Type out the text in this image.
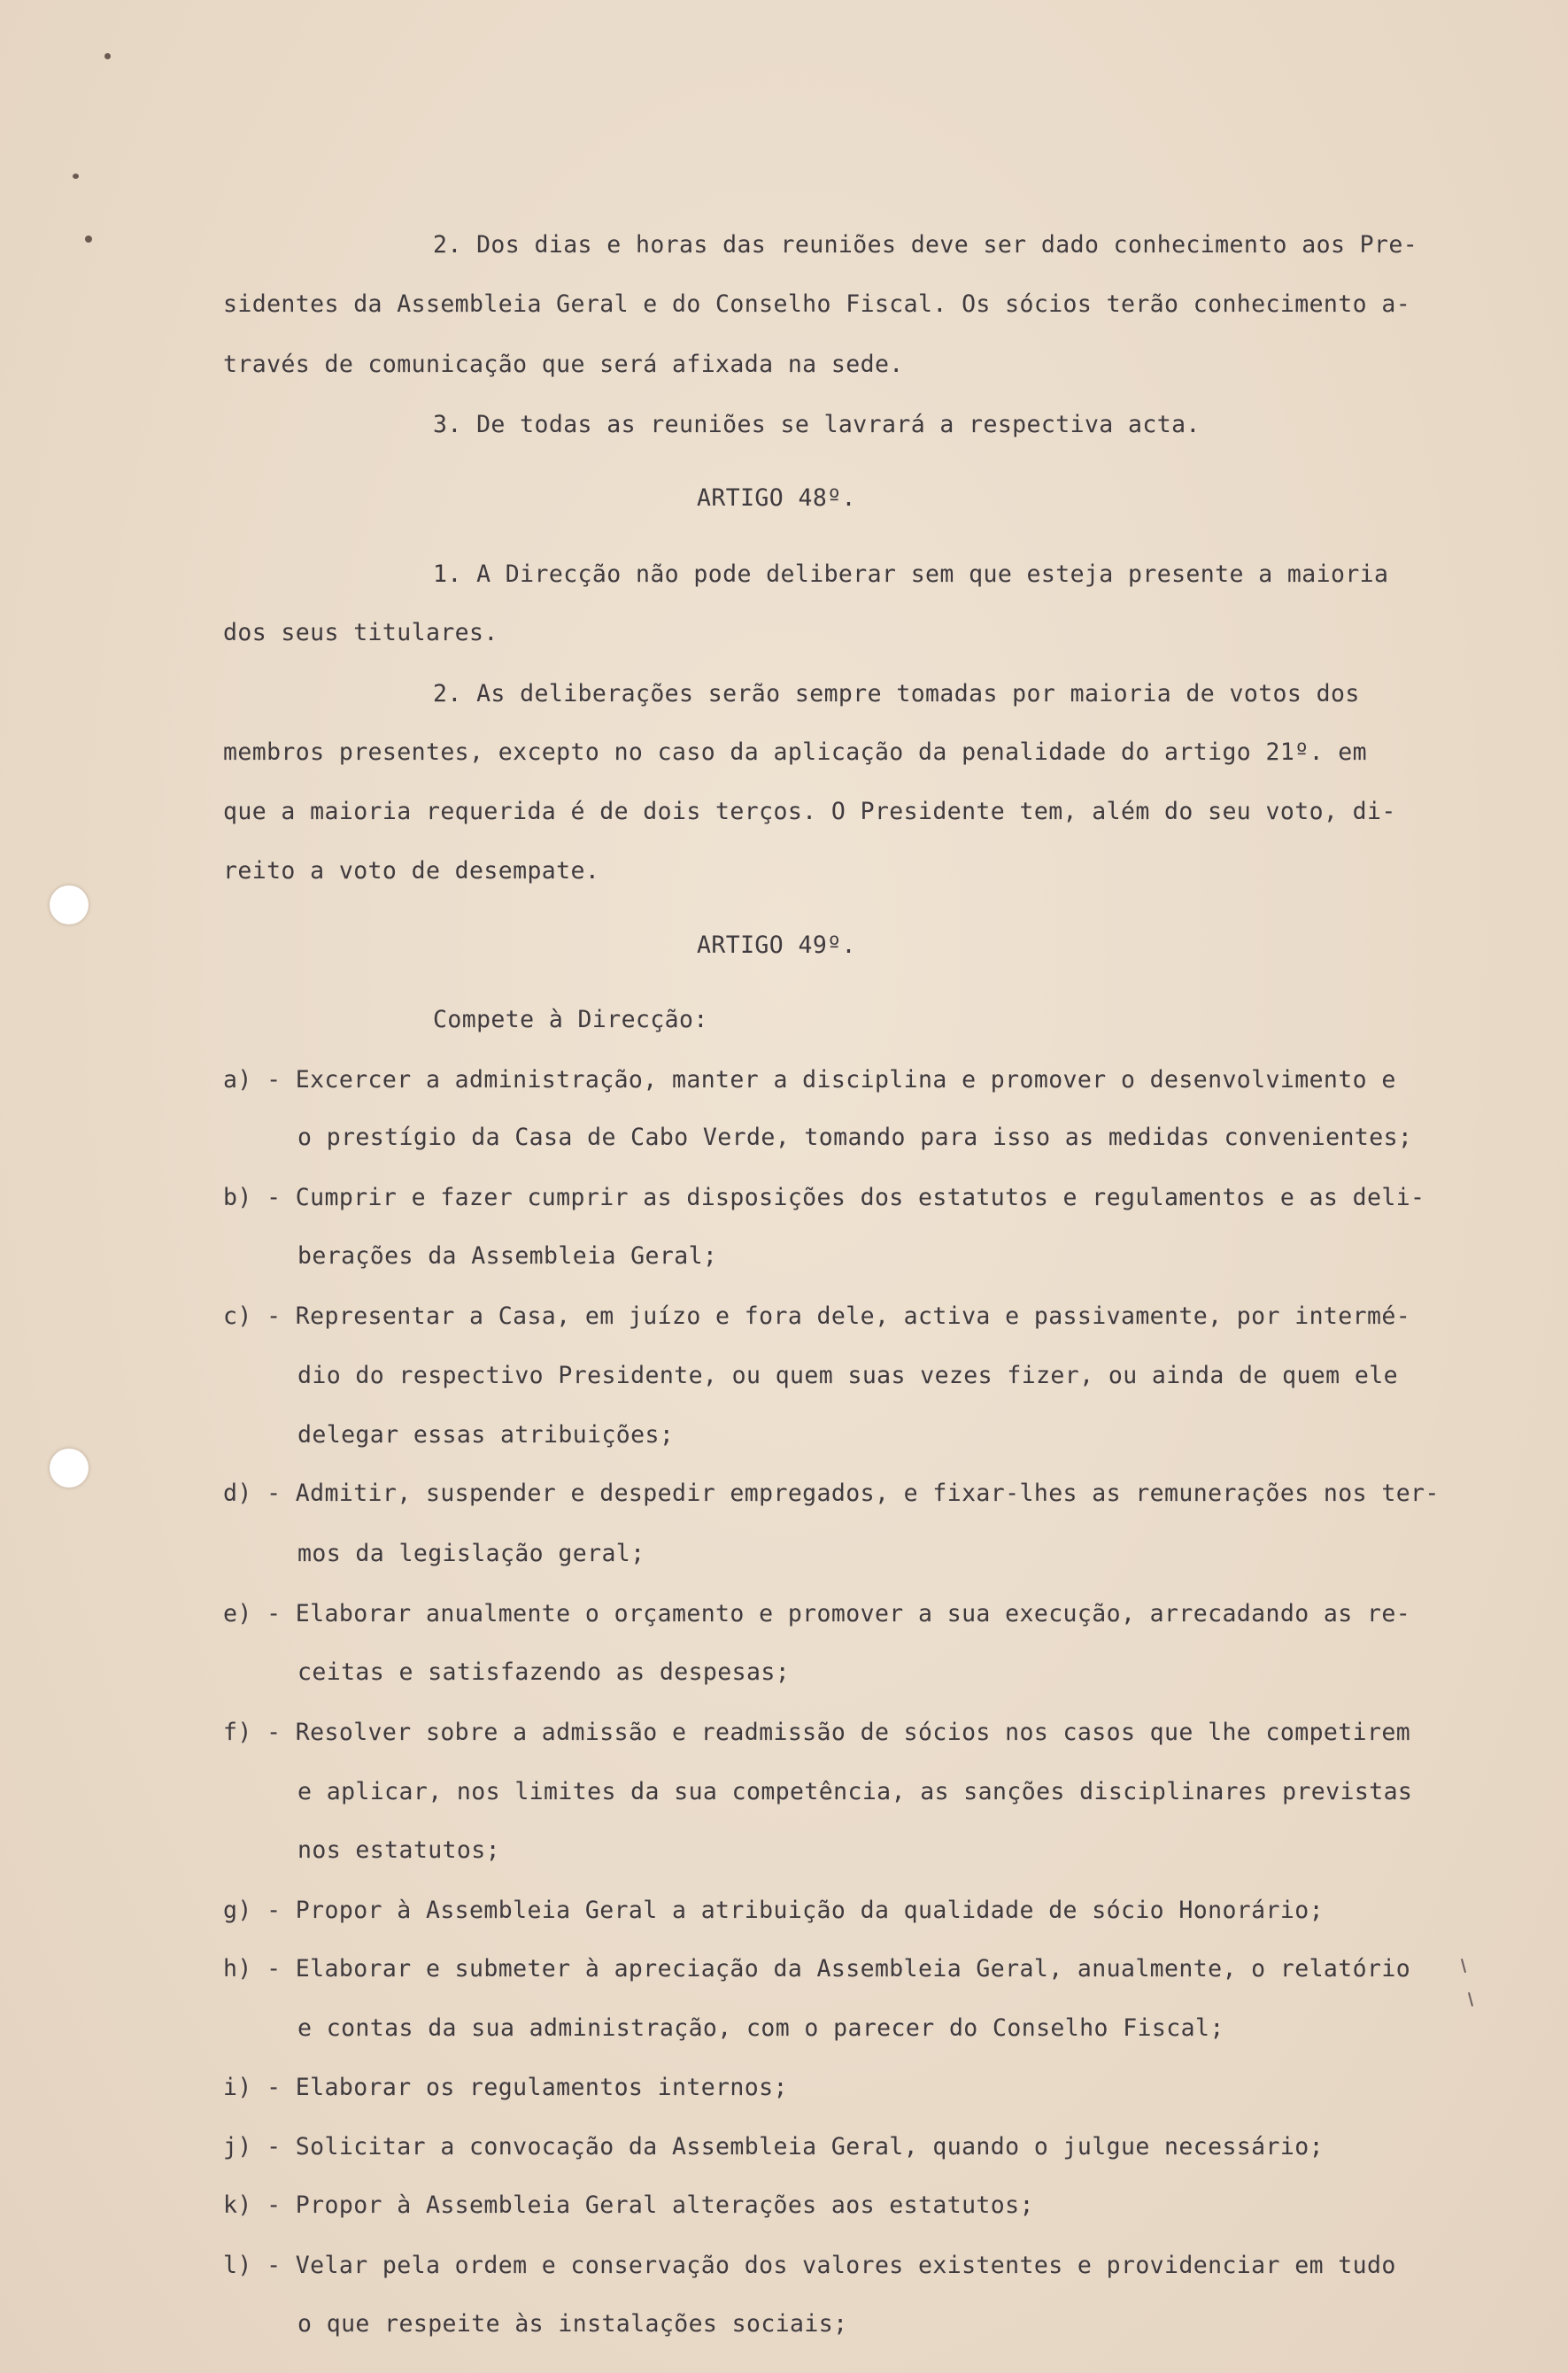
2. Dos dias e horas das reuniões deve ser dado conhecimento aos Pre-
sidentes da Assembleia Geral e do Conselho Fiscal. Os sócios terão conhecimento a-
través de comunicação que será afixada na sede.
3. De todas as reuniões se lavrará a respectiva acta.
ARTIGO 48º.
1. A Direcção não pode deliberar sem que esteja presente a maioria
dos seus titulares.
2. As deliberações serão sempre tomadas por maioria de votos dos
membros presentes, excepto no caso da aplicação da penalidade do artigo 21º. em
que a maioria requerida é de dois terços. O Presidente tem, além do seu voto, di-
reito a voto de desempate.
ARTIGO 49º.
Compete à Direcção:
a) - Excercer a administração, manter a disciplina e promover o desenvolvimento e
o prestígio da Casa de Cabo Verde, tomando para isso as medidas convenientes;
b) - Cumprir e fazer cumprir as disposições dos estatutos e regulamentos e as deli-
berações da Assembleia Geral;
c) - Representar a Casa, em juízo e fora dele, activa e passivamente, por intermé-
dio do respectivo Presidente, ou quem suas vezes fizer, ou ainda de quem ele
delegar essas atribuições;
d) - Admitir, suspender e despedir empregados, e fixar-lhes as remunerações nos ter-
mos da legislação geral;
e) - Elaborar anualmente o orçamento e promover a sua execução, arrecadando as re-
ceitas e satisfazendo as despesas;
f) - Resolver sobre a admissão e readmissão de sócios nos casos que lhe competirem
e aplicar, nos limites da sua competência, as sanções disciplinares previstas
nos estatutos;
g) - Propor à Assembleia Geral a atribuição da qualidade de sócio Honorário;
h) - Elaborar e submeter à apreciação da Assembleia Geral, anualmente, o relatório
e contas da sua administração, com o parecer do Conselho Fiscal;
i) - Elaborar os regulamentos internos;
j) - Solicitar a convocação da Assembleia Geral, quando o julgue necessário;
k) - Propor à Assembleia Geral alterações aos estatutos;
l) - Velar pela ordem e conservação dos valores existentes e providenciar em tudo
o que respeite às instalações sociais;
